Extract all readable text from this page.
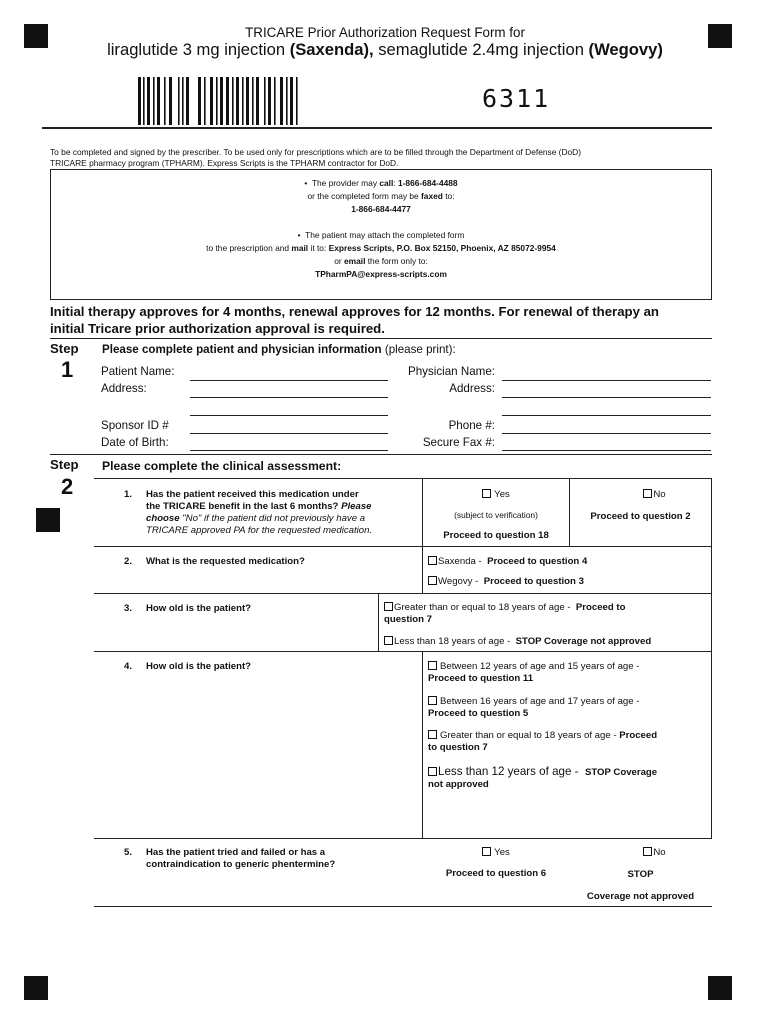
TRICARE Prior Authorization Request Form for
liraglutide 3 mg injection (Saxenda), semaglutide 2.4mg injection (Wegovy)
6311
To be completed and signed by the prescriber. To be used only for prescriptions which are to be filled through the Department of Defense (DoD)
TRICARE pharmacy program (TPHARM). Express Scripts is the TPHARM contractor for DoD.
•  The provider may call: 1-866-684-4488
or the completed form may be faxed to:
1-866-684-4477
•  The patient may attach the completed form
to the prescription and mail it to: Express Scripts, P.O. Box 52150, Phoenix, AZ 85072-9954
or email the form only to:
TPharmPA@express-scripts.com
Initial therapy approves for 4 months, renewal approves for 12 months. For renewal of therapy an
initial Tricare prior authorization approval is required.
Step
1
Please complete patient and physician information (please print):
Patient Name:
Address:
Sponsor ID #
Date of Birth:
Physician Name:
Address:
Phone #:
Secure Fax #:
Step
2
Please complete the clinical assessment:
1. Has the patient received this medication under
the TRICARE benefit in the last 6 months? Please
choose "No" if the patient did not previously have a
TRICARE approved PA for the requested medication.
Yes
(subject to verification)
Proceed to question 18
No
Proceed to question 2
2. What is the requested medication?	Saxenda - Proceed to question 4
Wegovy - Proceed to question 3
3. How old is the patient?	Greater than or equal to 18 years of age - Proceed to
question 7
Less than 18 years of age - STOP Coverage not approved
4. How old is the patient?	Between 12 years of age and 15 years of age -
Proceed to question 11
Between 16 years of age and 17 years of age -
Proceed to question 5
Greater than or equal to 18 years of age - Proceed
to question 7
Less than 12 years of age - STOP Coverage
not approved
5. Has the patient tried and failed or has a
contraindication to generic phentermine?
Yes
Proceed to question 6
No
STOP
Coverage not approved
